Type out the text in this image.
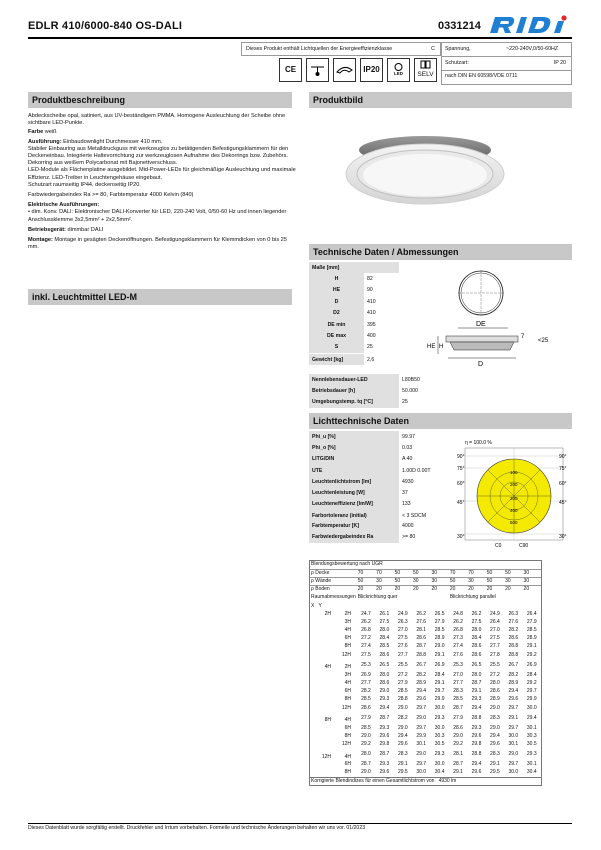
EDLR 410/6000-840 OS-DALI	0331214
Dieses Produkt enthält Lichtquellen der Energieeffizienzklasse	C Spannung,	~220-240V,0/50-60HZ
Schutzart:	IP 20
nach DIN EN 60598/VDE 0711
CE	IP20	LED	SELV
Produktbeschreibung
Abdeckscheibe opal, satiniert, aus UV-beständigem PMMA. Homogene Ausleuchtung der Scheibe ohne sichtbare LED-Punkte.
Farbe weiß
Ausführung: Einbaudownlight Durchmesser 410 mm.
Stabiler Einbauring aus Metalldruckguss mit werkzeuglos zu betätigenden Befestigungsklammern für den Deckeneinbau. Integrierte Haltevorrichtung zur werkzeuglosen Aufnahme des Dekorrings bzw. Zubehörs. Dekorring aus weißem Polycarbonat mit Bajonettverschluss.
LED-Module als Flächenplatine ausgebildet. Mid-Power-LEDs für gleichmäßige Ausleuchtung und maximale Effizienz. LED-Treiber in Leuchtengehäuse eingebaut.
Schutzart raumseitig IP44, deckenseitig IP20.
Farbwiedergabeindex Ra >= 80, Farbtemperatur 4000 Kelvin (840)
Elektrische Ausführungen:
• dim. Konv. DALI: Elektronischer DALI-Konverter für LED, 220-240 Volt, 0/50-60 Hz und innen liegender Anschlussklemme 3x2,5mm² + 2x2,5mm².
Betriebsgerät: dimmbar DALI
Montage: Montage in gesägten Deckenöffnungen. Befestigungsklammern für Klemmdicken von 0 bis 25 mm.
inkl. Leuchtmittel LED-M
Produktbild
Technische Daten / Abmessungen
Maße [mm]	
H	82
HE	90
D	410
D2	410
DE min	395
DE max	400
S	25
Gewicht [kg]	2,6
DE
D
HE H
7
<25
Nennlebensdauer-LED	L80B50
Betriebsdauer [h]	50.000
Umgebungstemp. tq [°C]	25
Lichttechnische Daten
Phi_u [%]	99.97
Phi_o [%]	0.03
LITG/DIN	A 40
UTE	1.00D 0.00T
Leuchtenlichtstrom [lm]	4930
Leuchtenleistung [W]	37
Leuchteneffizienz [lm/W]	133
Farbortoleranz (initial)	< 3 SDCM
Farbtemperatur [K]	4000
Farbwiedergabeindex Ra	>= 80
η = 100.0 %
90°
75°
60°
45°
30°
90°
75°
60°
45°
30°
100
200
300
400
500
C0	C90
Blendungsbewertung nach UGR										
ρ Decke	70	70	50	50	30	70	70	50	50	30
ρ Wände	50	30	50	30	30	50	30	50	30	30
ρ Boden	20	20	20	20	20	20	20	20	20	20
Raumabmessungen	Blickrichtung quer					Blickrichtung parallel				
X Y										
2H 2H	24.7	26.1	24.9	26.2	26.5	24.8	26.2	24.9	26.3	26.4
3H	26.2	27.5	26.3	27.6	27.9	26.2	27.5	26.4	27.6	27.9
4H	26.8	28.0	27.0	28.1	28.5	26.8	28.0	27.0	28.2	28.5
6H	27.2	28.4	27.5	28.6	28.9	27.3	28.4	27.5	28.6	28.9
8H	27.4	28.5	27.6	28.7	29.0	27.4	28.6	27.7	28.8	29.1
12H	27.5	28.6	27.7	28.8	29.1	27.6	28.6	27.8	28.8	29.2
4H 2H	25.3	26.5	25.5	26.7	26.9	25.3	26.5	25.5	26.7	26.9
3H	26.9	28.0	27.2	28.2	28.4	27.0	28.0	27.2	28.2	28.4
4H	27.7	28.6	27.9	28.9	29.1	27.7	28.7	28.0	28.9	29.2
6H	28.2	29.0	28.5	29.4	29.7	28.3	29.1	28.6	29.4	29.7
8H	28.5	29.3	28.8	29.6	29.9	28.5	29.3	28.9	29.6	29.9
12H	28.6	29.4	29.0	29.7	30.0	28.7	29.4	29.0	29.7	30.0
8H 4H	27.9	28.7	28.2	29.0	29.3	27.9	28.8	28.3	29.1	29.4
6H	28.5	29.3	29.0	29.7	30.0	28.6	29.3	29.0	29.7	30.1
8H	29.0	29.6	29.4	29.9	30.3	29.0	29.6	29.4	30.0	30.3
12H	29.2	29.8	29.6	30.1	30.5	29.2	29.8	29.6	30.1	30.5
12H 4H	28.0	28.7	28.3	29.0	29.3	28.1	28.8	28.3	29.0	29.3
6H	28.7	29.3	29.1	29.7	30.0	28.7	29.4	29.1	29.7	30.1
8H	29.0	29.6	29.5	30.0	30.4	29.1	29.6	29.5	30.0	30.4
Korrigierte Blendindizes für einen Gesamtlichtstrom von 4930 lm										
Dieses Datenblatt wurde sorgfältig erstellt. Druckfehler und Irrtum vorbehalten. Formelle und technische Änderungen behalten wir uns vor. 01/2023
